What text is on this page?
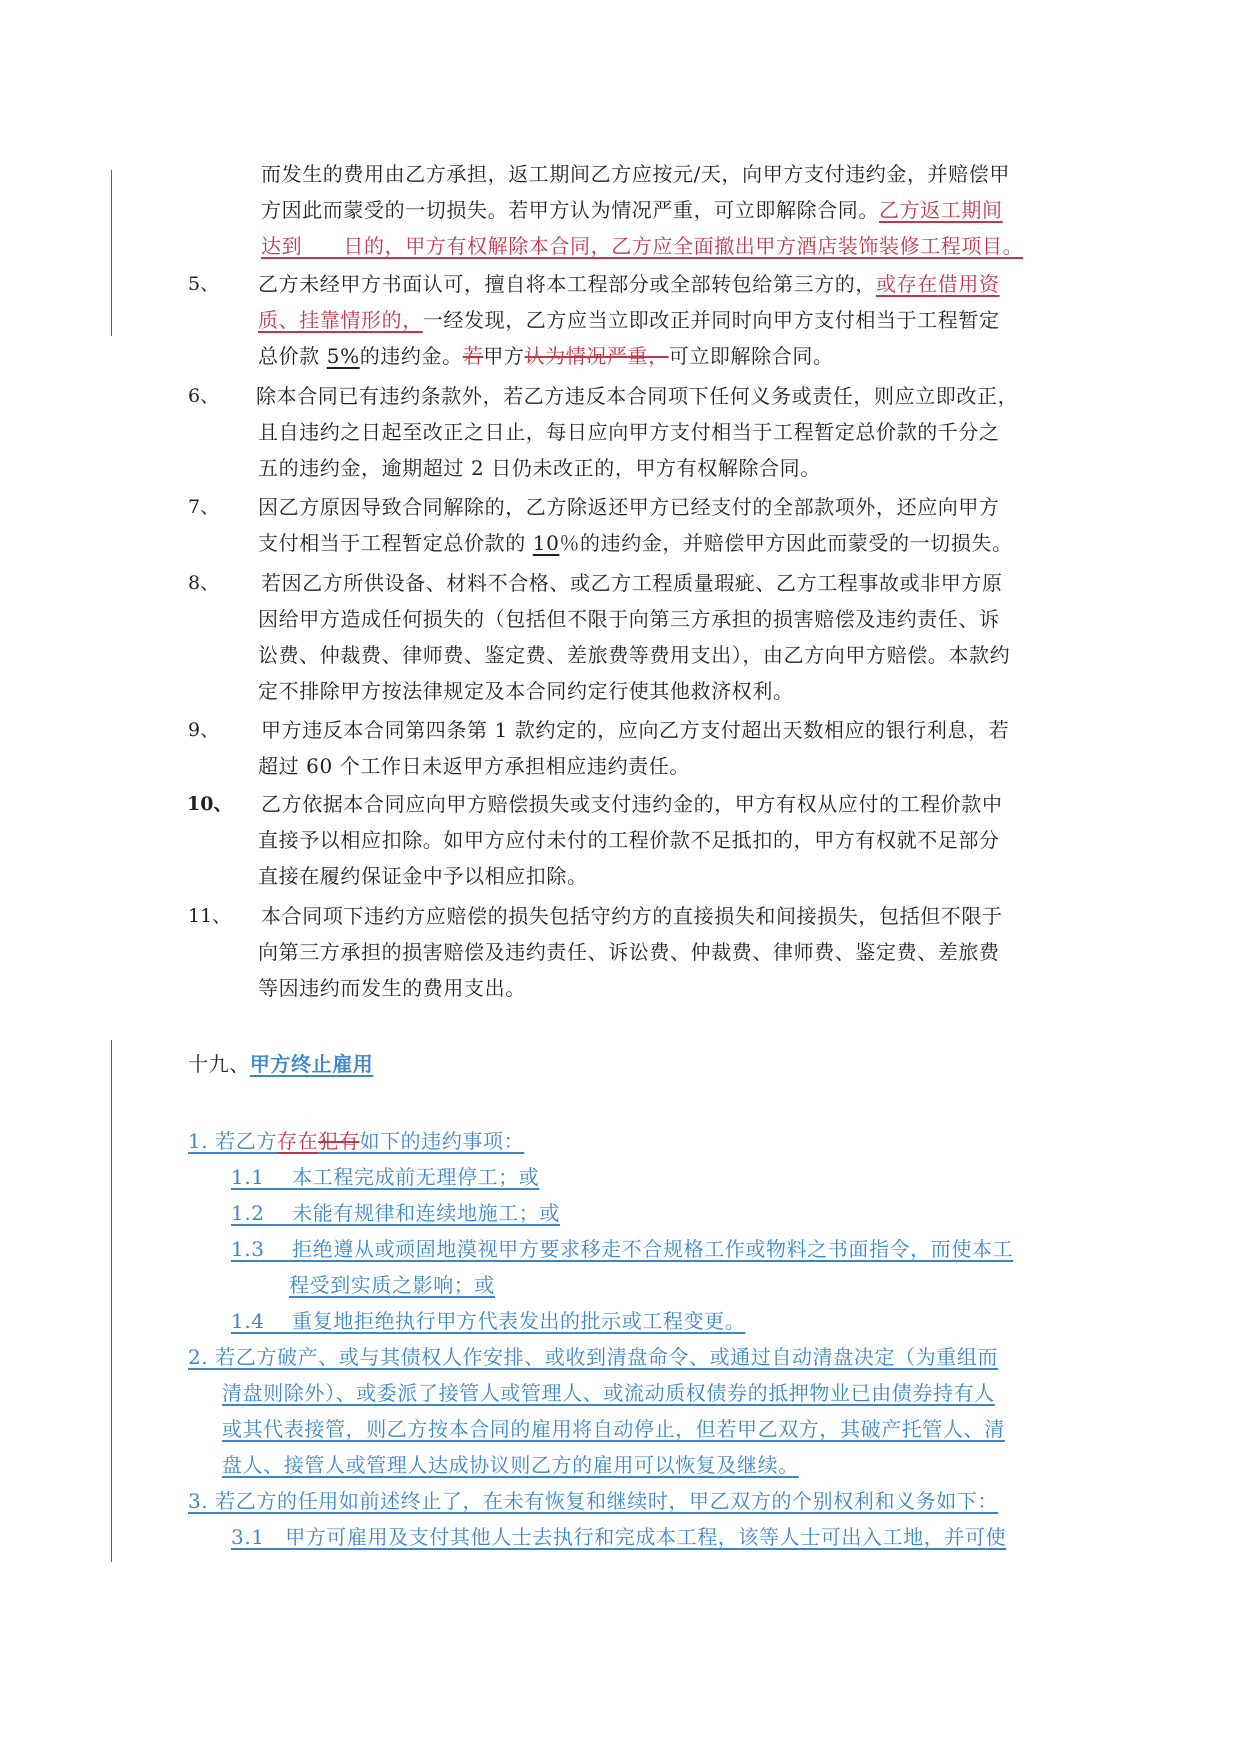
而发生的费用由乙方承担，返工期间乙方应按元/天，向甲方支付违约金，并赔偿甲
方因此而蒙受的一切损失。若甲方认为情况严重，可立即解除合同。乙方返工期间
达到　　日的，甲方有权解除本合同，乙方应全面撤出甲方酒店装饰装修工程项目。
5、 乙方未经甲方书面认可，擅自将本工程部分或全部转包给第三方的，或存在借用资
质、挂靠情形的，一经发现，乙方应当立即改正并同时向甲方支付相当于工程暂定
总价款 5%的违约金。若甲方认为情况严重，可立即解除合同。
6、 除本合同已有违约条款外，若乙方违反本合同项下任何义务或责任，则应立即改正，
且自违约之日起至改正之日止，每日应向甲方支付相当于工程暂定总价款的千分之
五的违约金，逾期超过 2 日仍未改正的，甲方有权解除合同。
7、 因乙方原因导致合同解除的，乙方除返还甲方已经支付的全部款项外，还应向甲方
支付相当于工程暂定总价款的 10％的违约金，并赔偿甲方因此而蒙受的一切损失。
8、 若因乙方所供设备、材料不合格、或乙方工程质量瑕疵、乙方工程事故或非甲方原
因给甲方造成任何损失的（包括但不限于向第三方承担的损害赔偿及违约责任、诉
讼费、仲裁费、律师费、鉴定费、差旅费等费用支出），由乙方向甲方赔偿。本款约
定不排除甲方按法律规定及本合同约定行使其他救济权利。
9、 甲方违反本合同第四条第 1 款约定的，应向乙方支付超出天数相应的银行利息，若
超过 60 个工作日未返甲方承担相应违约责任。
10、 乙方依据本合同应向甲方赔偿损失或支付违约金的，甲方有权从应付的工程价款中
直接予以相应扣除。如甲方应付未付的工程价款不足抵扣的，甲方有权就不足部分
直接在履约保证金中予以相应扣除。
11、 本合同项下违约方应赔偿的损失包括守约方的直接损失和间接损失，包括但不限于
向第三方承担的损害赔偿及违约责任、诉讼费、仲裁费、律师费、鉴定费、差旅费
等因违约而发生的费用支出。
十九、甲方终止雇用
1. 若乙方存在犯有如下的违约事项：
1.1　 本工程完成前无理停工；或
1.2　 未能有规律和连续地施工；或
1.3　 拒绝遵从或顽固地漠视甲方要求移走不合规格工作或物料之书面指令，而使本工
程受到实质之影响；或
1.4　 重复地拒绝执行甲方代表发出的批示或工程变更。
2. 若乙方破产、或与其债权人作安排、或收到清盘命令、或通过自动清盘决定（为重组而
清盘则除外）、或委派了接管人或管理人、或流动质权债券的抵押物业已由债券持有人
或其代表接管，则乙方按本合同的雇用将自动停止，但若甲乙双方，其破产托管人、清
盘人、接管人或管理人达成协议则乙方的雇用可以恢复及继续。
3. 若乙方的任用如前述终止了，在未有恢复和继续时，甲乙双方的个别权利和义务如下：
3.1　甲方可雇用及支付其他人士去执行和完成本工程，该等人士可出入工地，并可使
